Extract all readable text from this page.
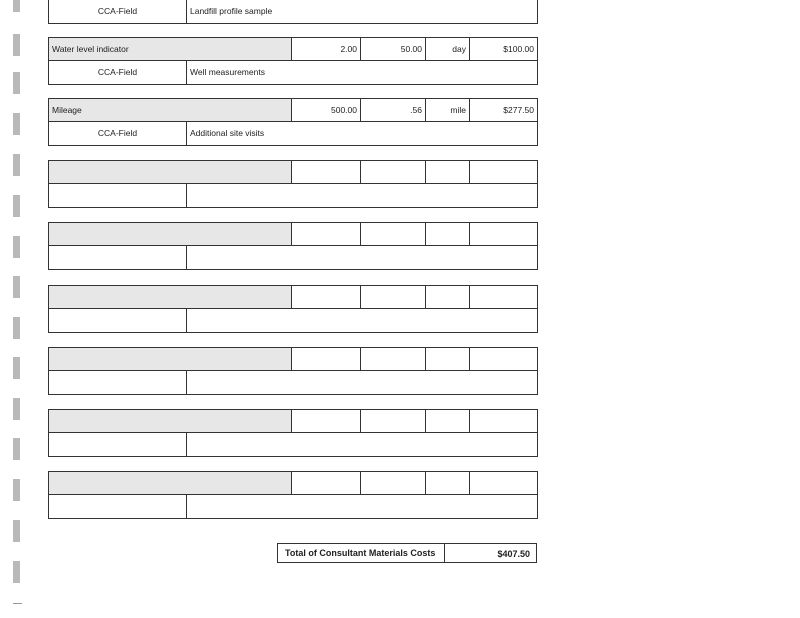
CCA-Field	Landfill profile sample
Water level indicator	2.00	50.00	day	$100.00
CCA-Field	Well measurements
Mileage	500.00	.56	mile	$277.50
CCA-Field	Additional site visits
Total of Consultant Materials Costs	$407.50
